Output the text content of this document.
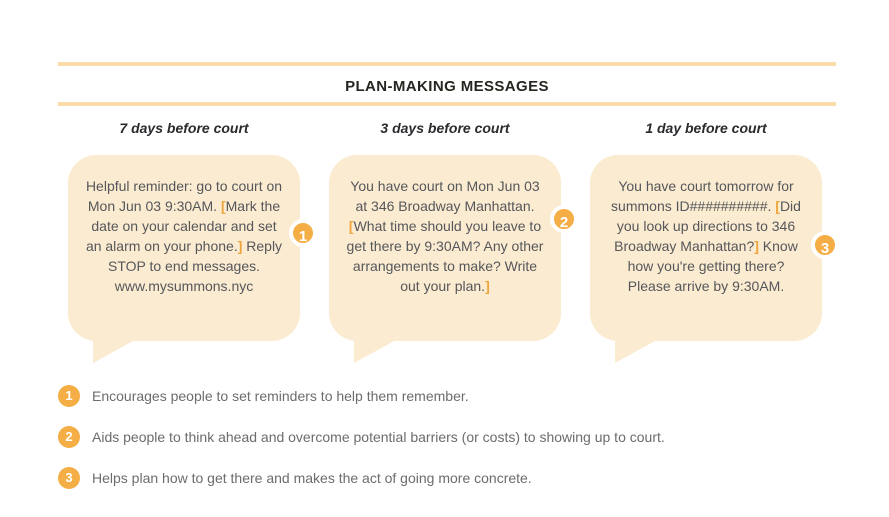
PLAN-MAKING MESSAGES
7 days before court	3 days before court	1 day before court
Helpful reminder: go to court on Mon Jun 03 9:30AM. [Mark the date on your calendar and set an alarm on your phone.] Reply STOP to end messages. www.mysummons.nyc
1
You have court on Mon Jun 03 at 346 Broadway Manhattan. [What time should you leave to get there by 9:30AM? Any other arrangements to make? Write out your plan.]
2
You have court tomorrow for summons ID##########. [Did you look up directions to 346 Broadway Manhattan?] Know how you're getting there? Please arrive by 9:30AM.
3
1	Encourages people to set reminders to help them remember.
2	Aids people to think ahead and overcome potential barriers (or costs) to showing up to court.
3	Helps plan how to get there and makes the act of going more concrete.
